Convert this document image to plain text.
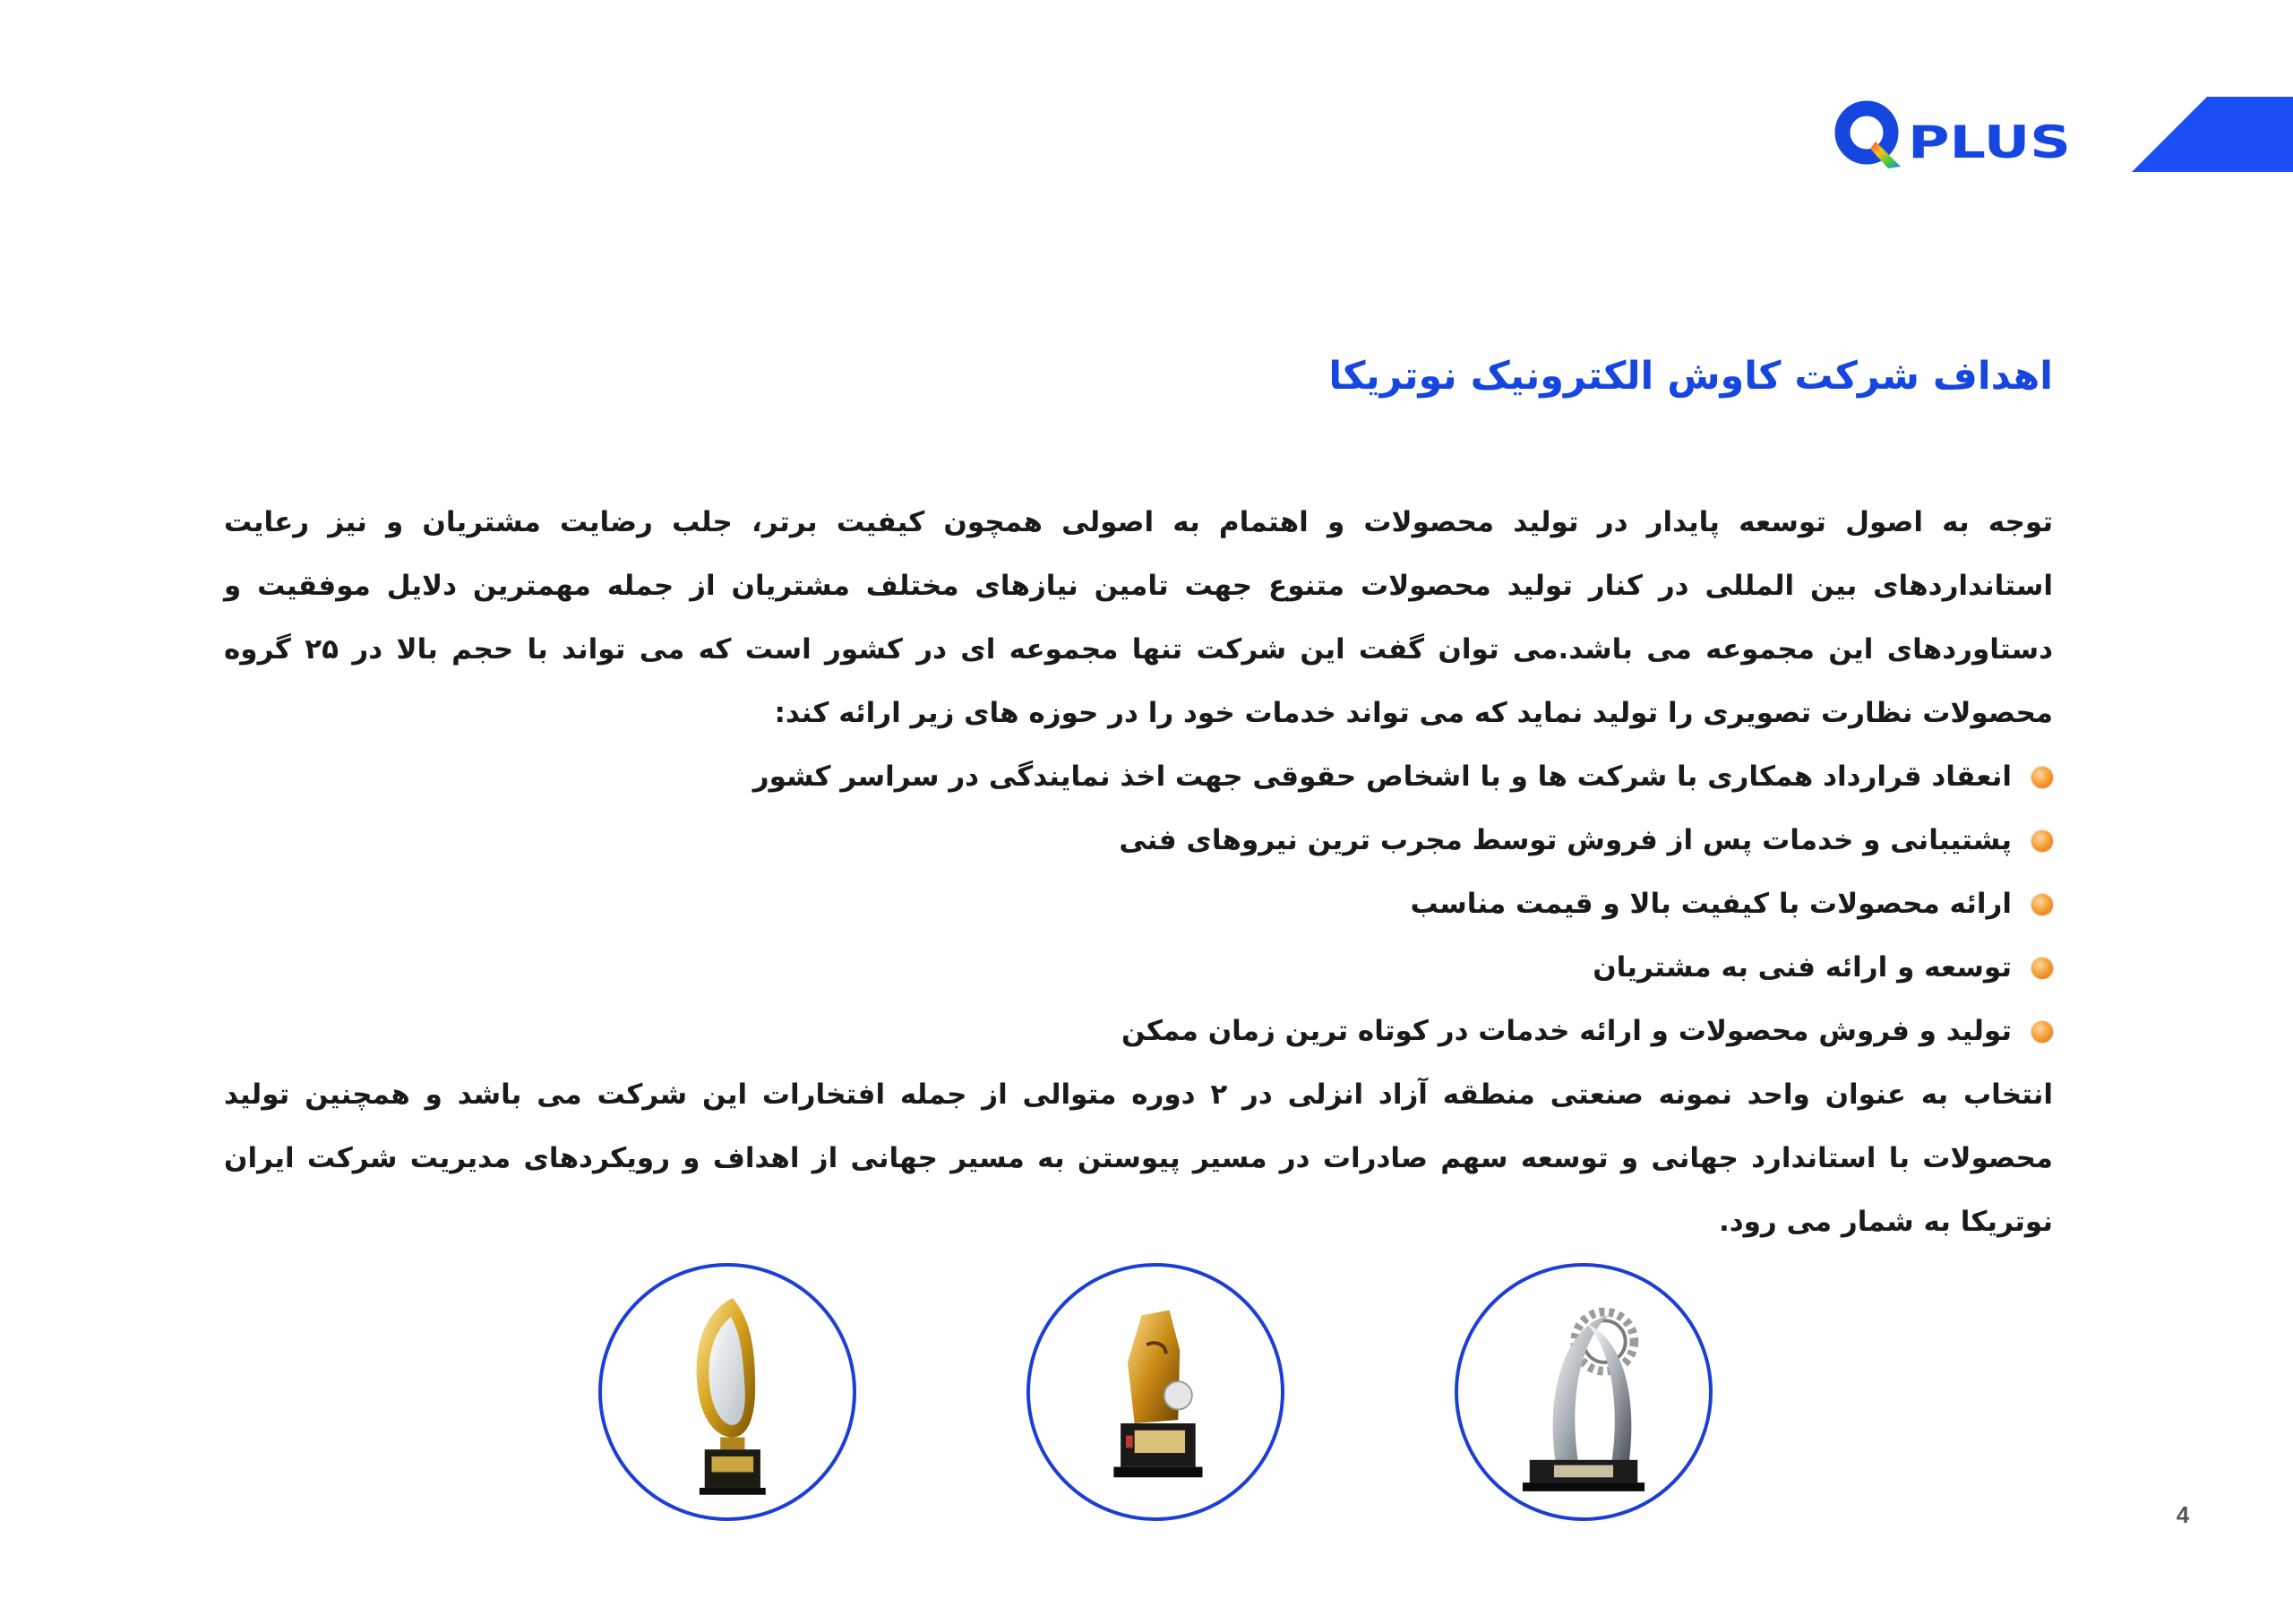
PLUS
اهداف شرکت کاوش الکترونیک نوتریکا

توجه به اصول توسعه پایدار در تولید محصولات و اهتمام به اصولی همچون کیفیت برتر، جلب رضایت مشتریان و نیز رعایت استانداردهای بین المللی در کنار تولید محصولات متنوع جهت تامین نیازهای مختلف مشتریان از جمله مهمترین دلایل موفقیت و دستاوردهای این مجموعه می باشد.می توان گفت این شرکت تنها مجموعه ای در کشور است که می تواند با حجم بالا در ۲۵ گروه محصولات نظارت تصویری را تولید نماید که می تواند خدمات خود را در حوزه های زیر ارائه کند:

انعقاد قرارداد همکاری با شرکت ها و با اشخاص حقوقی جهت اخذ نمایندگی در سراسر کشور
پشتیبانی و خدمات پس از فروش توسط مجرب ترین نیروهای فنی
ارائه محصولات با کیفیت بالا و قیمت مناسب
توسعه و ارائه فنی به مشتریان
تولید و فروش محصولات و ارائه خدمات در کوتاه ترین زمان ممکن

انتخاب به عنوان واحد نمونه صنعتی منطقه آزاد انزلی در ۲ دوره متوالی از جمله افتخارات این شرکت می باشد و همچنین تولید محصولات با استاندارد جهانی و توسعه سهم صادرات در مسیر پیوستن به مسیر جهانی از اهداف و رویکردهای مدیریت شرکت ایران نوتریکا به شمار می رود.

4
